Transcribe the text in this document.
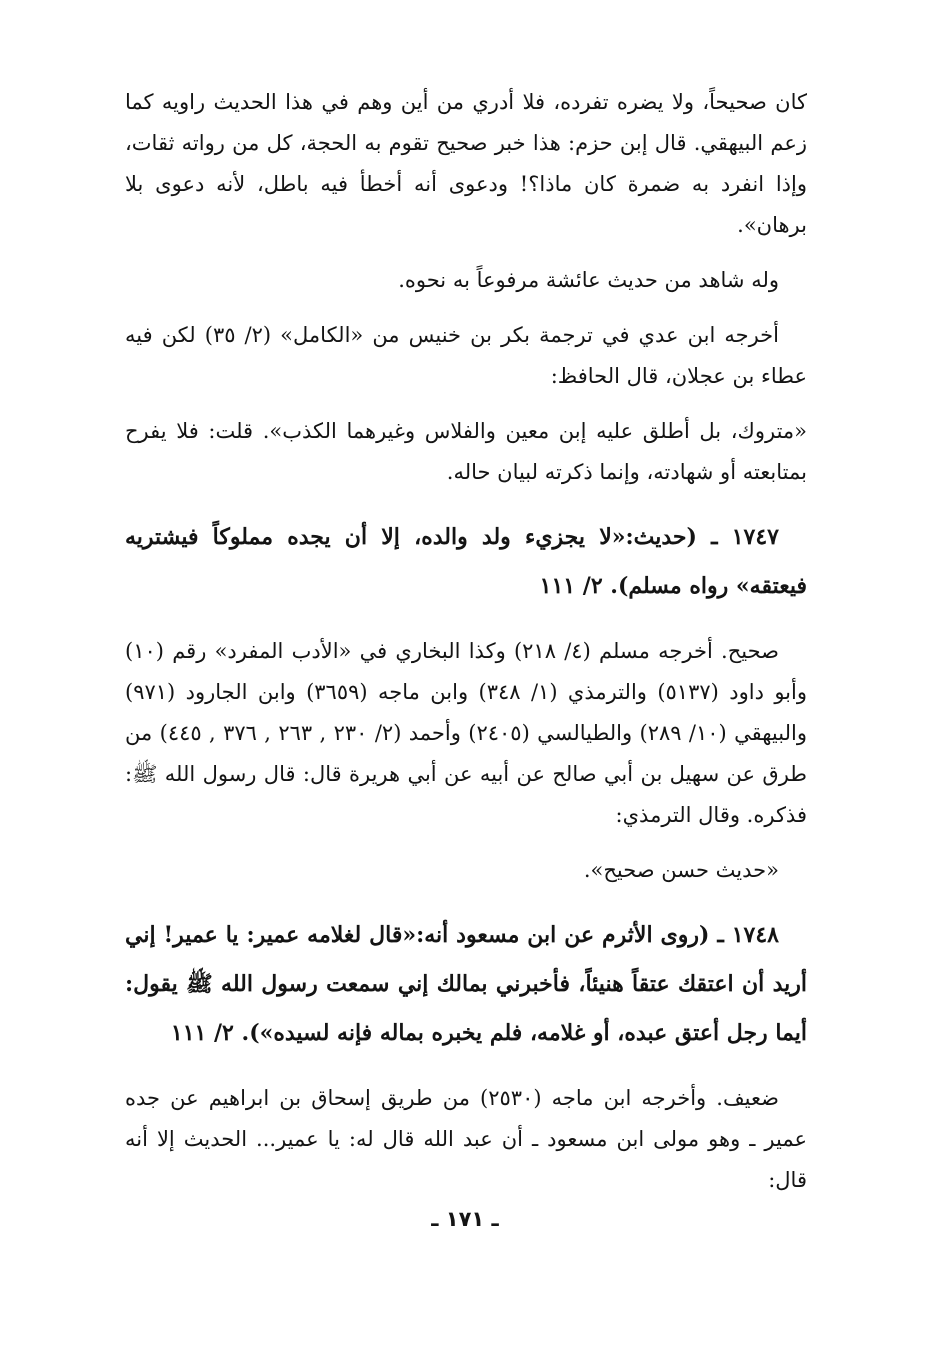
كان صحيحاً، ولا يضره تفرده، فلا أدري من أين وهم في هذا الحديث راويه كما زعم البيهقي. قال إبن حزم: هذا خبر صحيح تقوم به الحجة، كل من رواته ثقات، وإذا انفرد به ضمرة كان ماذا؟! ودعوى أنه أخطأ فيه باطل، لأنه دعوى بلا برهان».

وله شاهد من حديث عائشة مرفوعاً به نحوه.

أخرجه ابن عدي في ترجمة بكر بن خنيس من «الكامل» (٢/ ٣٥) لكن فيه عطاء بن عجلان، قال الحافظ:

«متروك، بل أطلق عليه إبن معين والفلاس وغيرهما الكذب». قلت: فلا يفرح بمتابعته أو شهادته، وإنما ذكرته لبيان حاله.

١٧٤٧ ـ (حديث:«لا يجزيء ولد والده، إلا أن يجده مملوكاً فيشتريه فيعتقه» رواه مسلم). ٢/ ١١١

صحيح. أخرجه مسلم (٤/ ٢١٨) وكذا البخاري في «الأدب المفرد» رقم (١٠) وأبو داود (٥١٣٧) والترمذي (١/ ٣٤٨) وابن ماجه (٣٦٥٩) وابن الجارود (٩٧١) والبيهقي (١٠/ ٢٨٩) والطيالسي (٢٤٠٥) وأحمد (٢/ ٢٣٠ , ٢٦٣ , ٣٧٦ , ٤٤٥) من طرق عن سهيل بن أبي صالح عن أبيه عن أبي هريرة قال: قال رسول الله ﷺ: فذكره. وقال الترمذي:

«حديث حسن صحيح».

١٧٤٨ ـ (روى الأثرم عن ابن مسعود أنه:«قال لغلامه عمير: يا عمير! إني أريد أن اعتقك عتقاً هنيئاً، فأخبرني بمالك إني سمعت رسول الله ﷺ يقول: أيما رجل أعتق عبده، أو غلامه، فلم يخبره بماله فإنه لسيده»). ٢/ ١١١

ضعيف. وأخرجه ابن ماجه (٢٥٣٠) من طريق إسحاق بن ابراهيم عن جده عمير ـ وهو مولى ابن مسعود ـ أن عبد الله قال له: يا عمير... الحديث إلا أنه قال:

ـ ١٧١ ـ
